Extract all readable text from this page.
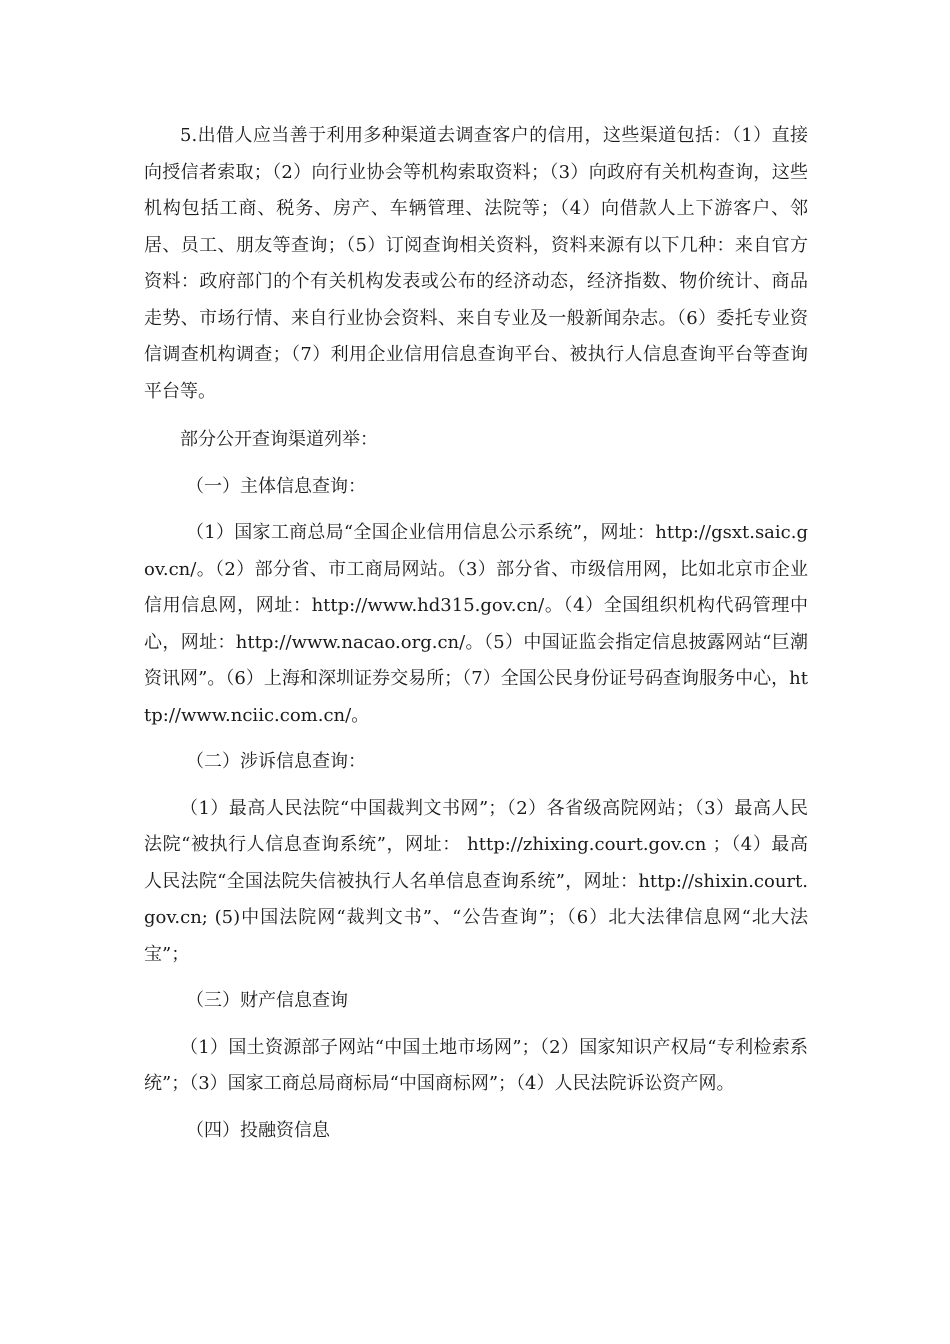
5.出借人应当善于利用多种渠道去调查客户的信用，这些渠道包括：（1）直接向授信者索取；（2）向行业协会等机构索取资料；（3）向政府有关机构查询，这些机构包括工商、税务、房产、车辆管理、法院等；（4）向借款人上下游客户、邻居、员工、朋友等查询；（5）订阅查询相关资料，资料来源有以下几种：来自官方资料：政府部门的个有关机构发表或公布的经济动态，经济指数、物价统计、商品走势、市场行情、来自行业协会资料、来自专业及一般新闻杂志。（6）委托专业资信调查机构调查；（7）利用企业信用信息查询平台、被执行人信息查询平台等查询平台等。

部分公开查询渠道列举：

（一）主体信息查询：

（1）国家工商总局“全国企业信用信息公示系统”，网址：http://gsxt.saic.gov.cn/。（2）部分省、市工商局网站。（3）部分省、市级信用网，比如北京市企业信用信息网，网址：http://www.hd315.gov.cn/。（4）全国组织机构代码管理中心，网址：http://www.nacao.org.cn/。（5）中国证监会指定信息披露网站“巨潮资讯网”。（6）上海和深圳证券交易所；（7）全国公民身份证号码查询服务中心，http://www.nciic.com.cn/。

（二）涉诉信息查询：

（1）最高人民法院“中国裁判文书网”；（2）各省级高院网站；（3）最高人民法院“被执行人信息查询系统”，网址： http://zhixing.court.gov.cn ；（4）最高人民法院“全国法院失信被执行人名单信息查询系统”，网址：http://shixin.court.gov.cn; (5)中国法院网“裁判文书”、“公告查询”；（6）北大法律信息网“北大法宝”；

（三）财产信息查询

（1）国土资源部子网站“中国土地市场网”；（2）国家知识产权局“专利检索系统”；（3）国家工商总局商标局“中国商标网”；（4）人民法院诉讼资产网。

（四）投融资信息
